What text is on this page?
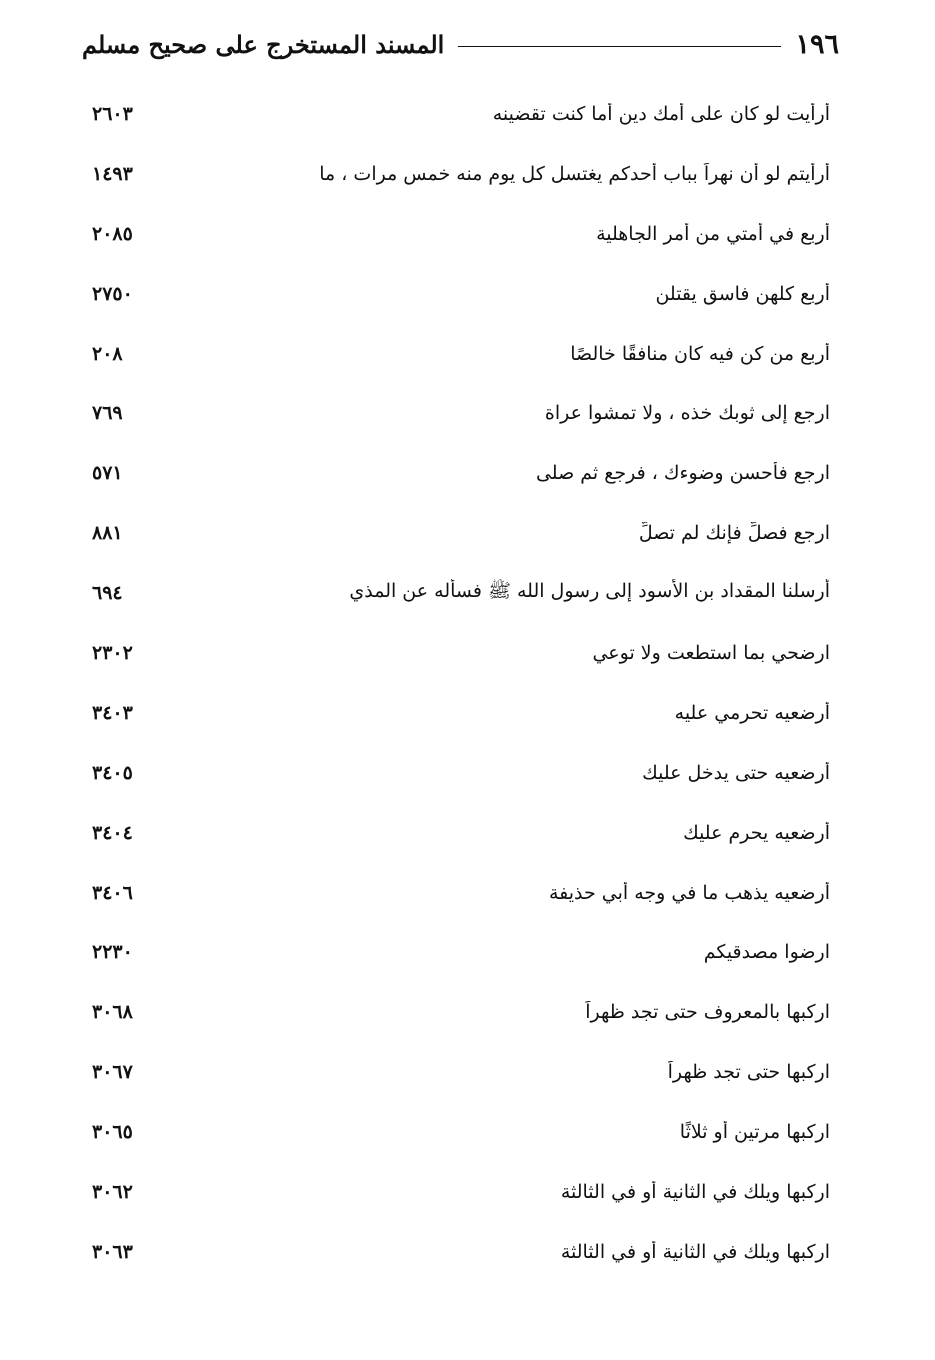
١٩٦
المسند المستخرج على صحيح مسلم
أرأيت لو كان على أمك دين أما كنت تقضينه
٢٦٠٣
أرأيتم لو أن نهراً بباب أحدكم يغتسل كل يوم منه خمس مرات ، ما
١٤٩٣
أربع في أمتي من أمر الجاهلية
٢٠٨٥
أربع كلهن فاسق يقتلن
٢٧٥٠
أربع من كن فيه كان منافقًا خالصًا
٢٠٨
ارجع إلى ثوبك خذه ، ولا تمشوا عراة
٧٦٩
ارجع فأحسن وضوءك ، فرجع ثم صلى
٥٧١
ارجع فصلِّ فإنك لم تصلِّ
٨٨١
أرسلنا المقداد بن الأسود إلى رسول الله ﷺ فسأله عن المذي
٦٩٤
ارضحي بما استطعت ولا توعي
٢٣٠٢
أرضعيه تحرمي عليه
٣٤٠٣
أرضعيه حتى يدخل عليك
٣٤٠٥
أرضعيه يحرم عليك
٣٤٠٤
أرضعيه يذهب ما في وجه أبي حذيفة
٣٤٠٦
ارضوا مصدقيكم
٢٢٣٠
اركبها بالمعروف حتى تجد ظهراً
٣٠٦٨
اركبها حتى تجد ظهراً
٣٠٦٧
اركبها مرتين أو ثلاثًا
٣٠٦٥
اركبها ويلك في الثانية أو في الثالثة
٣٠٦٢
اركبها ويلك في الثانية أو في الثالثة
٣٠٦٣
